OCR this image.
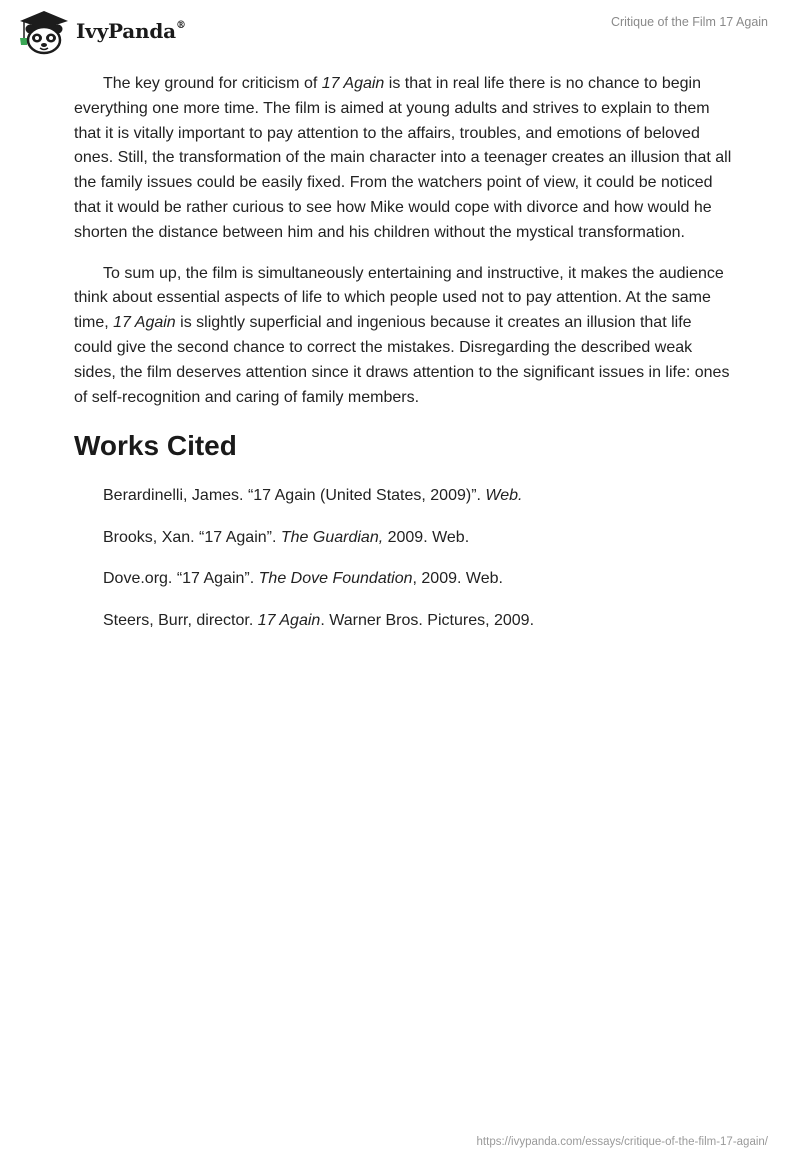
IvyPanda®	Critique of the Film 17 Again

The key ground for criticism of 17 Again is that in real life there is no chance to begin everything one more time. The film is aimed at young adults and strives to explain to them that it is vitally important to pay attention to the affairs, troubles, and emotions of beloved ones. Still, the transformation of the main character into a teenager creates an illusion that all the family issues could be easily fixed. From the watchers point of view, it could be noticed that it would be rather curious to see how Mike would cope with divorce and how would he shorten the distance between him and his children without the mystical transformation.

To sum up, the film is simultaneously entertaining and instructive, it makes the audience think about essential aspects of life to which people used not to pay attention. At the same time, 17 Again is slightly superficial and ingenious because it creates an illusion that life could give the second chance to correct the mistakes. Disregarding the described weak sides, the film deserves attention since it draws attention to the significant issues in life: ones of self-recognition and caring of family members.

Works Cited

Berardinelli, James. “17 Again (United States, 2009)”. Web.

Brooks, Xan. “17 Again”. The Guardian, 2009. Web.

Dove.org. “17 Again”. The Dove Foundation, 2009. Web.

Steers, Burr, director. 17 Again. Warner Bros. Pictures, 2009.

https://ivypanda.com/essays/critique-of-the-film-17-again/
